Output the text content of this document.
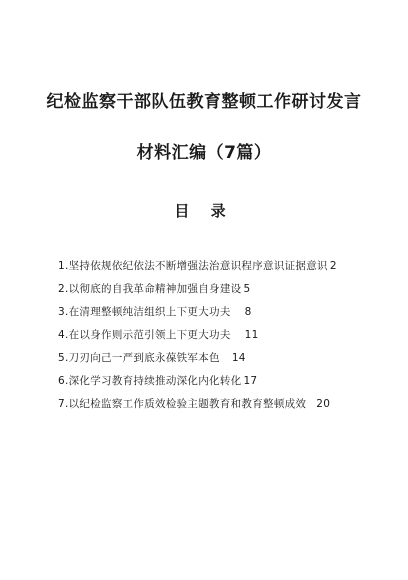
纪检监察干部队伍教育整顿工作研讨发言
材料汇编（7篇）
目 录
1.坚持依规依纪依法不断增强法治意识程序意识证据意识 2
2.以彻底的自我革命精神加强自身建设 5
3.在清理整顿纯洁组织上下更大功夫 8
4.在以身作则示范引领上下更大功夫 11
5.刀刃向己一严到底永葆铁军本色 14
6.深化学习教育持续推动深化内化转化 17
7.以纪检监察工作质效检验主题教育和教育整顿成效 20
